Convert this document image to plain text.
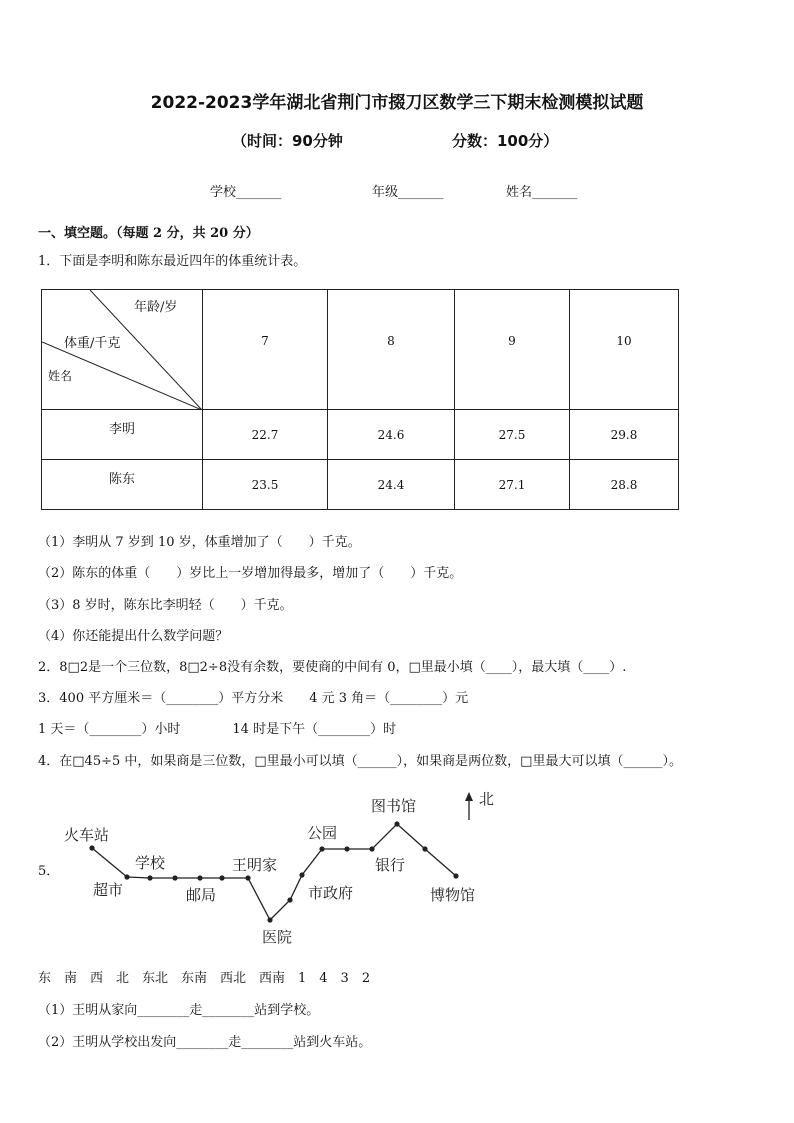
2022-2023学年湖北省荆门市掇刀区数学三下期末检测模拟试题
（时间：90分钟	分数：100分）
学校_______	年级_______	姓名_______
一、填空题。（每题 2 分，共 20 分）
1．下面是李明和陈东最近四年的体重统计表。
年龄/岁
体重/千克
姓名	7	8	9	10
李明	22.7	24.6	27.5	29.8
陈东	23.5	24.4	27.1	28.8
（1）李明从 7 岁到 10 岁，体重增加了（　　）千克。
（2）陈东的体重（　　）岁比上一岁增加得最多，增加了（　　）千克。
（3）8 岁时，陈东比李明轻（　　）千克。
（4）你还能提出什么数学问题？
2．8□2是一个三位数，8□2÷8没有余数，要使商的中间有 0，□里最小填（____），最大填（____）.
3．400 平方厘米＝（________）平方分米　　4 元 3 角＝（________）元
1 天＝（________）小时　　　　14 时是下午（________）时
4．在□45÷5 中，如果商是三位数，□里最小可以填（______），如果商是两位数，□里最大可以填（______）。
5．
北
火车站
超市
学校
邮局
王明家
医院
市政府
公园
图书馆
银行
博物馆
东　南　西　北　东北　东南　西北　西南　1　4　3　2
（1）王明从家向________走________站到学校。
（2）王明从学校出发向________走________站到火车站。
